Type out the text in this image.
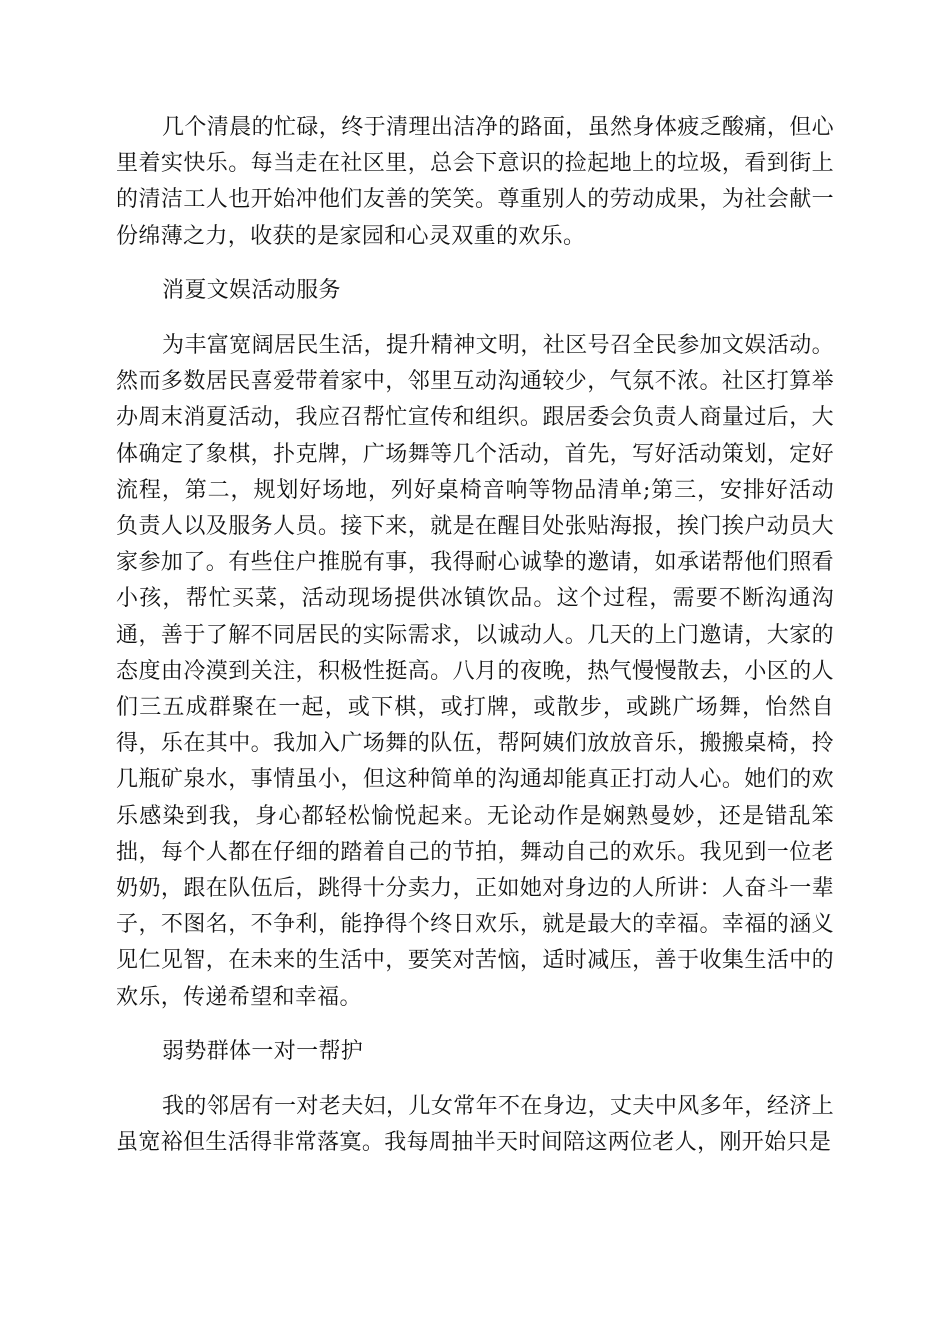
几个清晨的忙碌，终于清理出洁净的路面，虽然身体疲乏酸痛，但心里着实快乐。每当走在社区里，总会下意识的捡起地上的垃圾，看到街上的清洁工人也开始冲他们友善的笑笑。尊重别人的劳动成果，为社会献一份绵薄之力，收获的是家园和心灵双重的欢乐。

消夏文娱活动服务

为丰富宽阔居民生活，提升精神文明，社区号召全民参加文娱活动。然而多数居民喜爱带着家中，邻里互动沟通较少，气氛不浓。社区打算举办周末消夏活动，我应召帮忙宣传和组织。跟居委会负责人商量过后，大体确定了象棋，扑克牌，广场舞等几个活动，首先，写好活动策划，定好流程，第二，规划好场地，列好桌椅音响等物品清单;第三，安排好活动负责人以及服务人员。接下来，就是在醒目处张贴海报，挨门挨户动员大家参加了。有些住户推脱有事，我得耐心诚挚的邀请，如承诺帮他们照看小孩，帮忙买菜，活动现场提供冰镇饮品。这个过程，需要不断沟通沟通，善于了解不同居民的实际需求，以诚动人。几天的上门邀请，大家的态度由冷漠到关注，积极性挺高。八月的夜晚，热气慢慢散去，小区的人们三五成群聚在一起，或下棋，或打牌，或散步，或跳广场舞，怡然自得，乐在其中。我加入广场舞的队伍，帮阿姨们放放音乐，搬搬桌椅，拎几瓶矿泉水，事情虽小，但这种简单的沟通却能真正打动人心。她们的欢乐感染到我，身心都轻松愉悦起来。无论动作是娴熟曼妙，还是错乱笨拙，每个人都在仔细的踏着自己的节拍，舞动自己的欢乐。我见到一位老奶奶，跟在队伍后，跳得十分卖力，正如她对身边的人所讲：人奋斗一辈子，不图名，不争利，能挣得个终日欢乐，就是最大的幸福。幸福的涵义见仁见智，在未来的生活中，要笑对苦恼，适时减压，善于收集生活中的欢乐，传递希望和幸福。

弱势群体一对一帮护

我的邻居有一对老夫妇，儿女常年不在身边，丈夫中风多年，经济上虽宽裕但生活得非常落寞。我每周抽半天时间陪这两位老人，刚开始只是
